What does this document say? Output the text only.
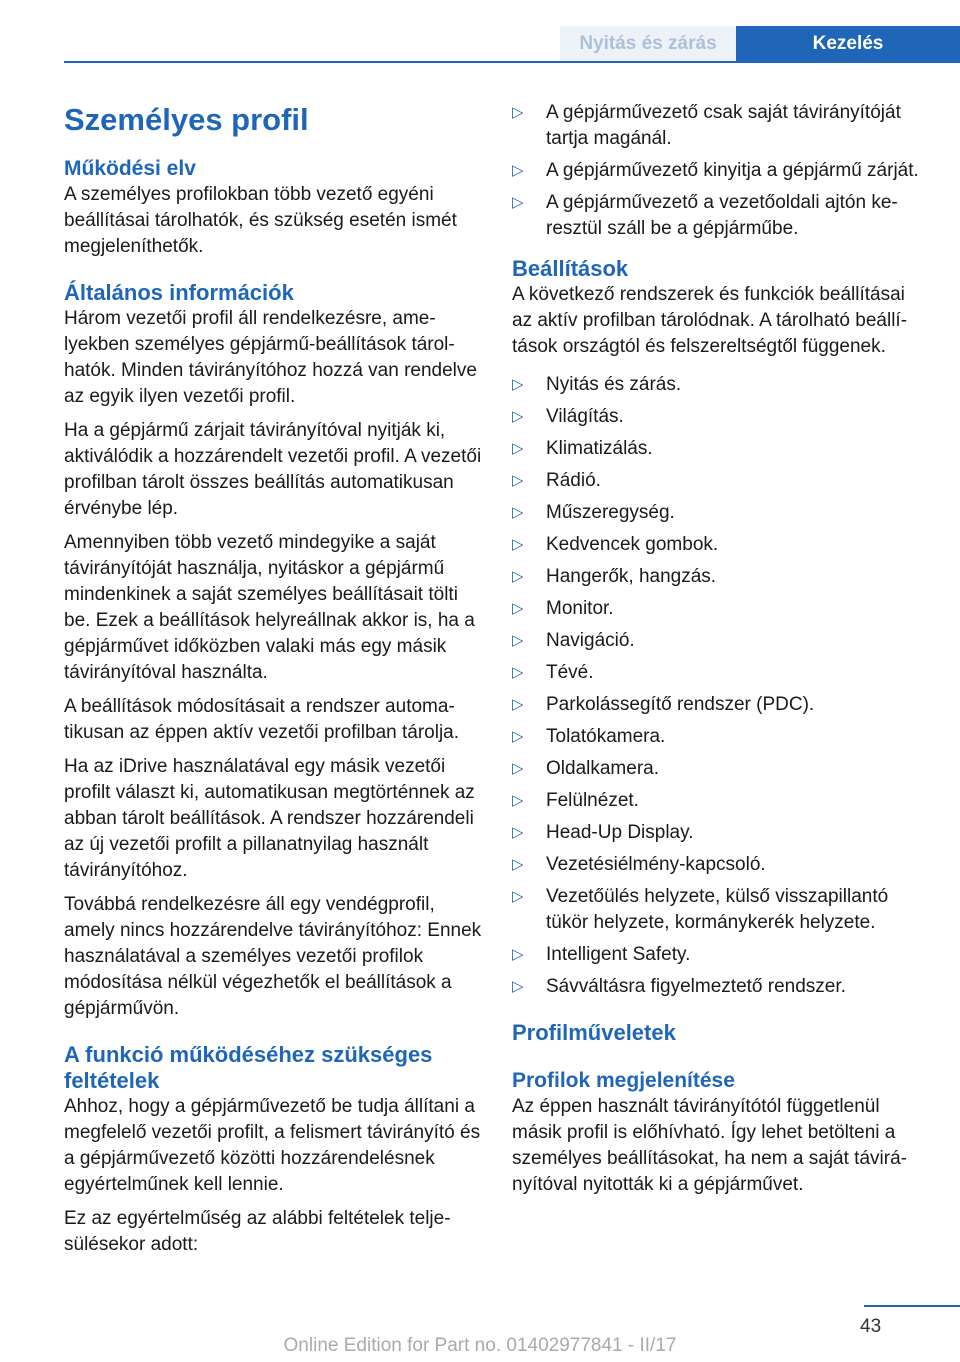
Nyitás és zárás	Kezelés
Személyes profil
Működési elv

A személyes profilokban több vezető egyéni beállításai tárolhatók, és szükség esetén ismét megjeleníthetők.

Általános információk

Három vezetői profil áll rendelkezésre, amelyekben személyes gépjármű-beállítások tárolhatók. Minden távirányítóhoz hozzá van rendelve az egyik ilyen vezetői profil.

Ha a gépjármű zárjait távirányítóval nyitják ki, aktiválódik a hozzárendelt vezetői profil. A vezetői profilban tárolt összes beállítás automatikusan érvénybe lép.

Amennyiben több vezető mindegyike a saját távirányítóját használja, nyitáskor a gépjármű mindenkinek a saját személyes beállításait tölti be. Ezek a beállítások helyreállnak akkor is, ha a gépjárművet időközben valaki más egy másik távirányítóval használta.

A beállítások módosításait a rendszer automatikusan az éppen aktív vezetői profilban tárolja.

Ha az iDrive használatával egy másik vezetői profilt választ ki, automatikusan megtörténnek az abban tárolt beállítások. A rendszer hozzárendeli az új vezetői profilt a pillanatnyilag használt távirányítóhoz.

Továbbá rendelkezésre áll egy vendégprofil, amely nincs hozzárendelve távirányítóhoz: Ennek használatával a személyes vezetői profilok módosítása nélkül végezhetők el beállítások a gépjárművön.

A funkció működéséhez szükséges feltételek

Ahhoz, hogy a gépjárművezető be tudja állítani a megfelelő vezetői profilt, a felismert távirányító és a gépjárművezető közötti hozzárendelésnek egyértelműnek kell lennie.

Ez az egyértelműség az alábbi feltételek teljesülésekor adott:

▷ A gépjárművezető csak saját távirányítóját tartja magánál.
▷ A gépjárművezető kinyitja a gépjármű zárját.
▷ A gépjárművezető a vezetőoldali ajtón keresztül száll be a gépjárműbe.
Beállítások

A következő rendszerek és funkciók beállításai az aktív profilban tárolódnak. A tárolható beállítások országtól és felszereltségtől függenek.

▷ Nyitás és zárás.
▷ Világítás.
▷ Klimatizálás.
▷ Rádió.
▷ Műszeregység.
▷ Kedvencek gombok.
▷ Hangerők, hangzás.
▷ Monitor.
▷ Navigáció.
▷ Tévé.
▷ Parkolássegítő rendszer (PDC).
▷ Tolatókamera.
▷ Oldalkamera.
▷ Felülnézet.
▷ Head-Up Display.
▷ Vezetésiélmény-kapcsoló.
▷ Vezetőülés helyzete, külső visszapillantó tükör helyzete, kormánykerék helyzete.
▷ Intelligent Safety.
▷ Sávváltásra figyelmeztető rendszer.
Profilműveletek
Profilok megjelenítése

Az éppen használt távirányítótól függetlenül másik profil is előhívható. Így lehet betölteni a személyes beállításokat, ha nem a saját távirányítóval nyitották ki a gépjárművet.

43
Online Edition for Part no. 01402977841 - II/17
